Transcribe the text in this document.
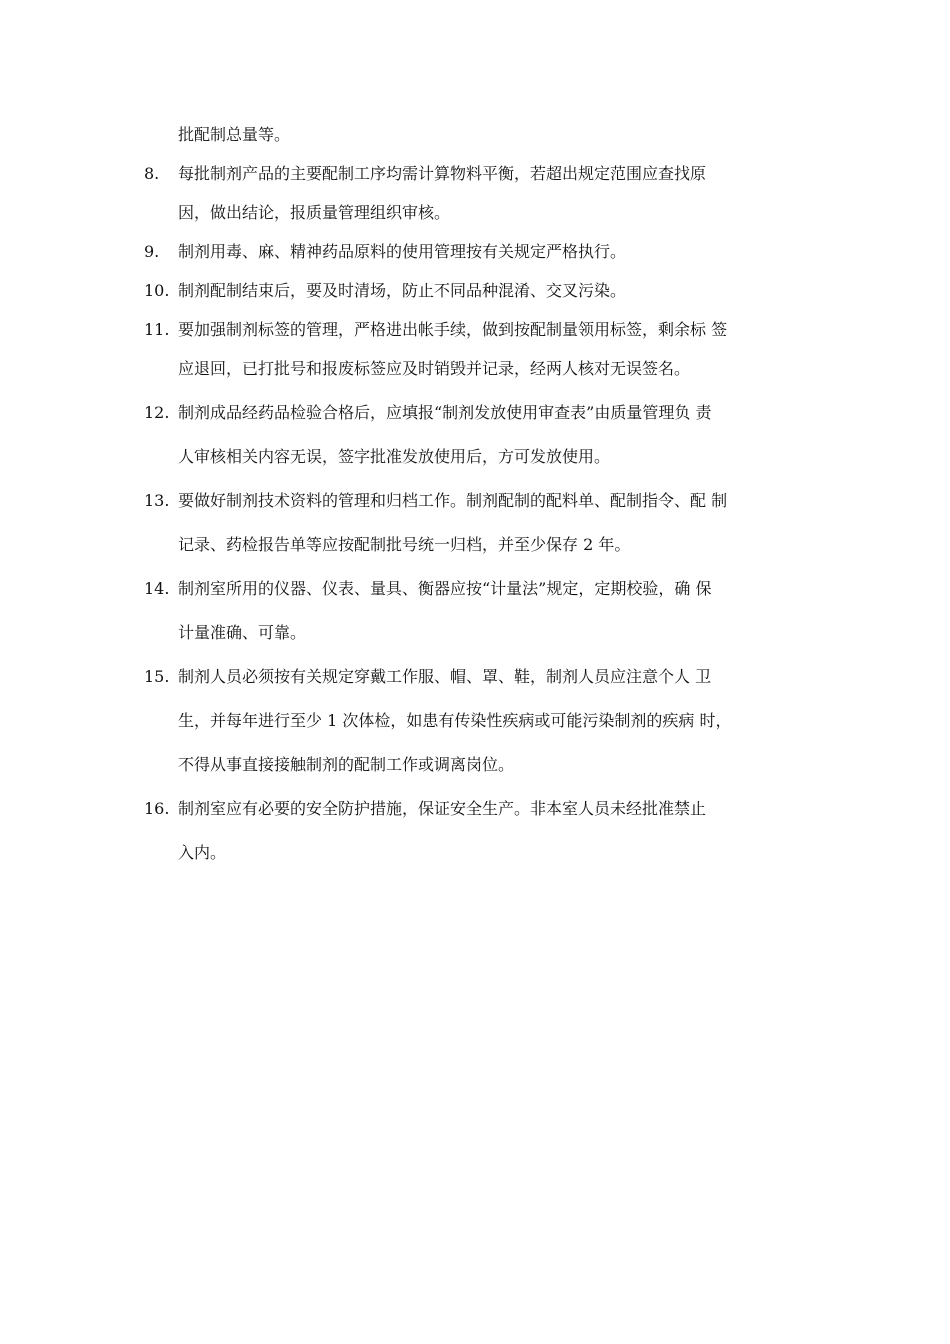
批配制总量等。
8.	每批制剂产品的主要配制工序均需计算物料平衡，若超出规定范围应查找原
因，做出结论，报质量管理组织审核。
9.	制剂用毒、麻、精神药品原料的使用管理按有关规定严格执行。
10. 制剂配制结束后，要及时清场，防止不同品种混淆、交叉污染。
11. 要加强制剂标签的管理，严格进出帐手续，做到按配制量领用标签，剩余标 签
应退回，已打批号和报废标签应及时销毁并记录，经两人核对无误签名。
12. 制剂成品经药品检验合格后，应填报“制剂发放使用审查表”由质量管理负 责
人审核相关内容无误，签字批准发放使用后，方可发放使用。
13. 要做好制剂技术资料的管理和归档工作。制剂配制的配料单、配制指令、配 制
记录、药检报告单等应按配制批号统一归档，并至少保存 2 年。
14. 制剂室所用的仪器、仪表、量具、衡器应按“计量法”规定，定期校验，确 保
计量准确、可靠。
15. 制剂人员必须按有关规定穿戴工作服、帽、罩、鞋，制剂人员应注意个人 卫
生，并每年进行至少 1 次体检，如患有传染性疾病或可能污染制剂的疾病 时，
不得从事直接接触制剂的配制工作或调离岗位。
16. 制剂室应有必要的安全防护措施，保证安全生产。非本室人员未经批准禁止
入内。
